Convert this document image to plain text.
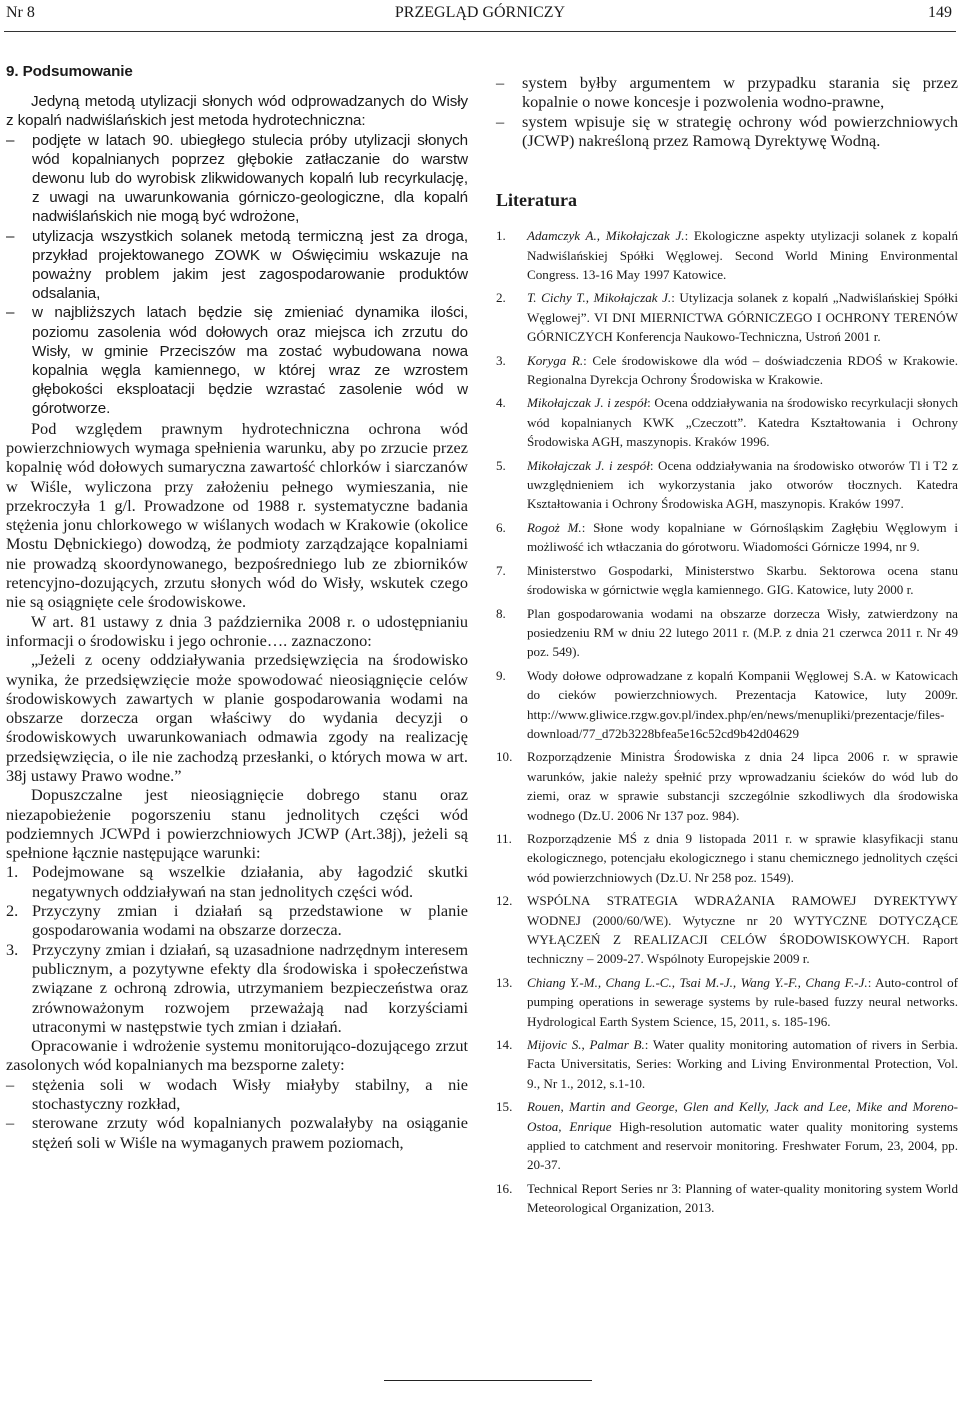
Nr 8	PRZEGLĄD GÓRNICZY	149
9. Podsumowanie

Jedyną metodą utylizacji słonych wód odprowadzanych do Wisły z kopalń nadwiślańskich jest metoda hydrotechniczna:

– podjęte w latach 90. ubiegłego stulecia próby utylizacji słonych wód kopalnianych poprzez głębokie zatłaczanie do warstw dewonu lub do wyrobisk zlikwidowanych kopalń lub recyrkulację, z uwagi na uwarunkowania górniczo-geologiczne, dla kopalń nadwiślańskich nie mogą być wdrożone,

– utylizacja wszystkich solanek metodą termiczną jest za droga, przykład projektowanego ZOWK w Oświęcimiu wskazuje na poważny problem jakim jest zagospodarowanie produktów odsalania,

– w najbliższych latach będzie się zmieniać dynamika ilości, poziomu zasolenia wód dołowych oraz miejsca ich zrzutu do Wisły, w gminie Przeciszów ma zostać wybudowana nowa kopalnia węgla kamiennego, w której wraz ze wzrostem głębokości eksploatacji będzie wzrastać zasolenie wód w górotworze.

Pod względem prawnym hydrotechniczna ochrona wód powierzchniowych wymaga spełnienia warunku, aby po zrzucie przez kopalnię wód dołowych sumaryczna zawartość chlorków i siarczanów w Wiśle, wyliczona przy założeniu pełnego wymieszania, nie przekroczyła 1 g/l. Prowadzone od 1988 r. systematyczne badania stężenia jonu chlorkowego w wiślanych wodach w Krakowie (okolice Mostu Dębnickiego) dowodzą, że podmioty zarządzające kopalniami nie prowadzą skoordynowanego, bezpośredniego lub ze zbiorników retencyjno-dozujących, zrzutu słonych wód do Wisły, wskutek czego nie są osiągnięte cele środowiskowe.

W art. 81 ustawy z dnia 3 października 2008 r. o udostępnianiu informacji o środowisku i jego ochronie…. zaznaczono:

„Jeżeli z oceny oddziaływania przedsięwzięcia na środowisko wynika, że przedsięwzięcie może spowodować nieosiągnięcie celów środowiskowych zawartych w planie gospodarowania wodami na obszarze dorzecza organ właściwy do wydania decyzji o środowiskowych uwarunkowaniach odmawia zgody na realizację przedsięwzięcia, o ile nie zachodzą przesłanki, o których mowa w art. 38j ustawy Prawo wodne.”

Dopuszczalne jest nieosiągnięcie dobrego stanu oraz niezapobieżenie pogorszeniu stanu jednolitych części wód podziemnych JCWPd i powierzchniowych JCWP (Art.38j), jeżeli są spełnione łącznie następujące warunki:

1. Podejmowane są wszelkie działania, aby łagodzić skutki negatywnych oddziaływań na stan jednolitych części wód.

2. Przyczyny zmian i działań są przedstawione w planie gospodarowania wodami na obszarze dorzecza.

3. Przyczyny zmian i działań, są uzasadnione nadrzędnym interesem publicznym, a pozytywne efekty dla środowiska i społeczeństwa związane z ochroną zdrowia, utrzymaniem bezpieczeństwa oraz zrównoważonym rozwojem przeważają nad korzyściami utraconymi w następstwie tych zmian i działań.

Opracowanie i wdrożenie systemu monitorująco-dozującego zrzut zasolonych wód kopalnianych ma bezsporne zalety:

– stężenia soli w wodach Wisły miałyby stabilny, a nie stochastyczny rozkład,

– sterowane zrzuty wód kopalnianych pozwalałyby na osiąganie stężeń soli w Wiśle na wymaganych prawem poziomach,

– system byłby argumentem w przypadku starania się przez kopalnie o nowe koncesje i pozwolenia wodno-prawne,

– system wpisuje się w strategię ochrony wód powierzchniowych (JCWP) nakreśloną przez Ramową Dyrektywę Wodną.

Literatura

1. Adamczyk A., Mikołajczak J.: Ekologiczne aspekty utylizacji solanek z kopalń Nadwiślańskiej Spółki Węglowej. Second World Mining Environmental Congress. 13-16 May 1997 Katowice.

2. T. Cichy T., Mikołajczak J.: Utylizacja solanek z kopalń „Nadwiślańskiej Spółki Węglowej”. VI DNI MIERNICTWA GÓRNICZEGO I OCHRONY TERENÓW GÓRNICZYCH Konferencja Naukowo-Techniczna, Ustroń 2001 r.

3. Koryga R.: Cele środowiskowe dla wód – doświadczenia RDOŚ w Krakowie. Regionalna Dyrekcja Ochrony Środowiska w Krakowie.

4. Mikołajczak J. i zespół: Ocena oddziaływania na środowisko recyrkulacji słonych wód kopalnianych KWK „Czeczott”. Katedra Kształtowania i Ochrony Środowiska AGH, maszynopis. Kraków 1996.

5. Mikołajczak J. i zespół: Ocena oddziaływania na środowisko otworów Tl i T2 z uwzględnieniem ich wykorzystania jako otworów tłocznych. Katedra Kształtowania i Ochrony Środowiska AGH, maszynopis. Kraków 1997.

6. Rogoż M.: Słone wody kopalniane w Górnośląskim Zagłębiu Węglowym i możliwość ich wtłaczania do górotworu. Wiadomości Górnicze 1994, nr 9.

7. Ministerstwo Gospodarki, Ministerstwo Skarbu. Sektorowa ocena stanu środowiska w górnictwie węgla kamiennego. GIG. Katowice, luty 2000 r.

8. Plan gospodarowania wodami na obszarze dorzecza Wisły, zatwierdzony na posiedzeniu RM w dniu 22 lutego 2011 r. (M.P. z dnia 21 czerwca 2011 r. Nr 49 poz. 549).

9. Wody dołowe odprowadzane z kopalń Kompanii Węglowej S.A. w Katowicach do cieków powierzchniowych. Prezentacja Katowice, luty 2009r. http://www.gliwice.rzgw.gov.pl/index.php/en/news/menupliki/prezentacje/files-download/77_d72b3228bfea5e16c52cd9b42d04629

10. Rozporządzenie Ministra Środowiska z dnia 24 lipca 2006 r. w sprawie warunków, jakie należy spełnić przy wprowadzaniu ścieków do wód lub do ziemi, oraz w sprawie substancji szczególnie szkodliwych dla środowiska wodnego (Dz.U. 2006 Nr 137 poz. 984).

11. Rozporządzenie MŚ z dnia 9 listopada 2011 r. w sprawie klasyfikacji stanu ekologicznego, potencjału ekologicznego i stanu chemicznego jednolitych części wód powierzchniowych (Dz.U. Nr 258 poz. 1549).

12. WSPÓLNA STRATEGIA WDRAŻANIA RAMOWEJ DYREKTYWY WODNEJ (2000/60/WE). Wytyczne nr 20 WYTYCZNE DOTYCZĄCE WYŁĄCZEŃ Z REALIZACJI CELÓW ŚRODOWISKOWYCH. Raport techniczny – 2009-27. Wspólnoty Europejskie 2009 r.

13. Chiang Y.-M., Chang L.-C., Tsai M.-J., Wang Y.-F., Chang F.-J.: Auto-control of pumping operations in sewerage systems by rule-based fuzzy neural networks. Hydrological Earth System Science, 15, 2011, s. 185-196.

14. Mijovic S., Palmar B.: Water quality monitoring automation of rivers in Serbia. Facta Universitatis, Series: Working and Living Environmental Protection, Vol. 9., Nr 1., 2012, s.1-10.

15. Rouen, Martin and George, Glen and Kelly, Jack and Lee, Mike and Moreno-Ostoa, Enrique High-resolution automatic water quality monitoring systems applied to catchment and reservoir monitoring. Freshwater Forum, 23, 2004, pp. 20-37.

16. Technical Report Series nr 3: Planning of water-quality monitoring system World Meteorological Organization, 2013.
